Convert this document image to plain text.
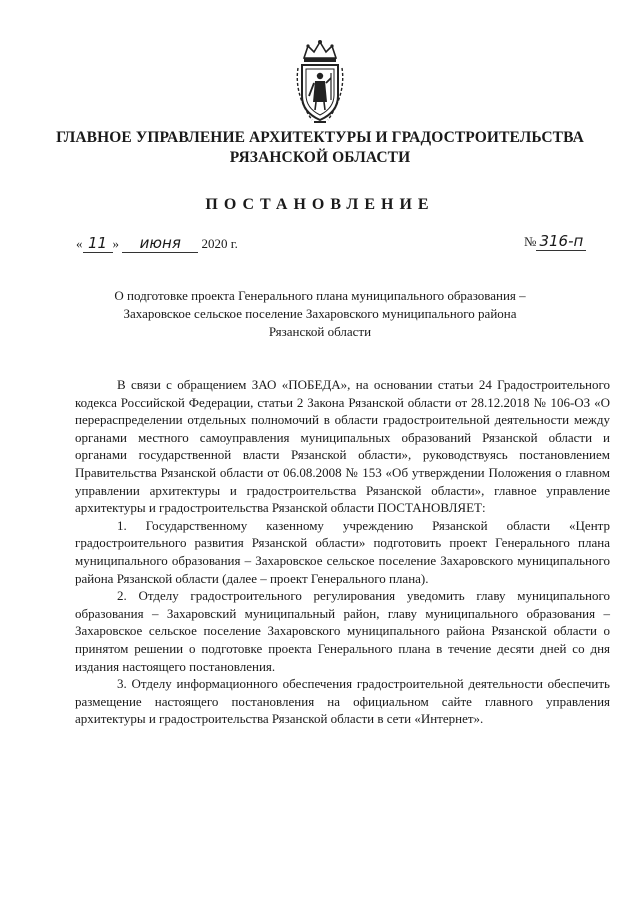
ГЛАВНОЕ УПРАВЛЕНИЕ АРХИТЕКТУРЫ И ГРАДОСТРОИТЕЛЬСТВА
РЯЗАНСКОЙ ОБЛАСТИ
ПОСТАНОВЛЕНИЕ
« 11 » июня 2020 г.	№ 316-п
О подготовке проекта Генерального плана муниципального образования –
Захаровское сельское поселение Захаровского муниципального района
Рязанской области

В связи с обращением ЗАО «ПОБЕДА», на основании статьи 24 Градостроительного кодекса Российской Федерации, статьи 2 Закона Рязанской области от 28.12.2018 № 106-ОЗ «О перераспределении отдельных полномочий в области градостроительной деятельности между органами местного самоуправления муниципальных образований Рязанской области и органами государственной власти Рязанской области», руководствуясь постановлением Правительства Рязанской области от 06.08.2008 № 153 «Об утверждении Положения о главном управлении архитектуры и градостроительства Рязанской области», главное управление архитектуры и градостроительства Рязанской области ПОСТАНОВЛЯЕТ:

1. Государственному казенному учреждению Рязанской области «Центр градостроительного развития Рязанской области» подготовить проект Генерального плана муниципального образования – Захаровское сельское поселение Захаровского муниципального района Рязанской области (далее – проект Генерального плана).

2. Отделу градостроительного регулирования уведомить главу муниципального образования – Захаровский муниципальный район, главу муниципального образования – Захаровское сельское поселение Захаровского муниципального района Рязанской области о принятом решении о подготовке проекта Генерального плана в течение десяти дней со дня издания настоящего постановления.

3. Отделу информационного обеспечения градостроительной деятельности обеспечить размещение настоящего постановления на официальном сайте главного управления архитектуры и градостроительства Рязанской области в сети «Интернет».
